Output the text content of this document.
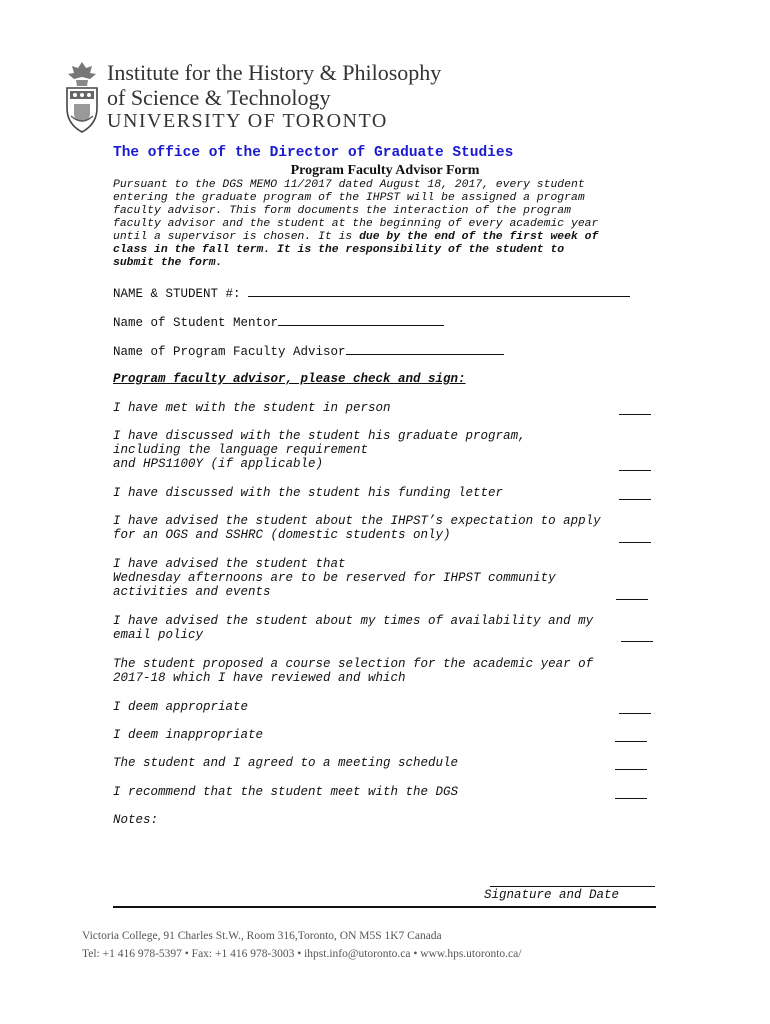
Institute for the History & Philosophy
of Science & Technology
UNIVERSITY OF TORONTO
The office of the Director of Graduate Studies
Program Faculty Advisor Form
Pursuant to the DGS MEMO 11/2017 dated August 18, 2017, every student
entering the graduate program of the IHPST will be assigned a program
faculty advisor. This form documents the interaction of the program
faculty advisor and the student at the beginning of every academic year
until a supervisor is chosen. It is due by the end of the first week of
class in the fall term. It is the responsibility of the student to
submit the form.
NAME & STUDENT #:
Name of Student Mentor
Name of Program Faculty Advisor
Program faculty advisor, please check and sign:
I have met with the student in person
I have discussed with the student his graduate program,
including the language requirement
and HPS1100Y (if applicable)
I have discussed with the student his funding letter
I have advised the student about the IHPST’s expectation to apply
for an OGS and SSHRC (domestic students only)
I have advised the student that
Wednesday afternoons are to be reserved for IHPST community
activities and events
I have advised the student about my times of availability and my
email policy
The student proposed a course selection for the academic year of
2017-18 which I have reviewed and which
I deem appropriate
I deem inappropriate
The student and I agreed to a meeting schedule
I recommend that the student meet with the DGS
Notes:
Signature and Date
Victoria College, 91 Charles St.W., Room 316,Toronto, ON M5S 1K7 Canada
Tel: +1 416 978-5397 • Fax: +1 416 978-3003 • ihpst.info@utoronto.ca • www.hps.utoronto.ca/
